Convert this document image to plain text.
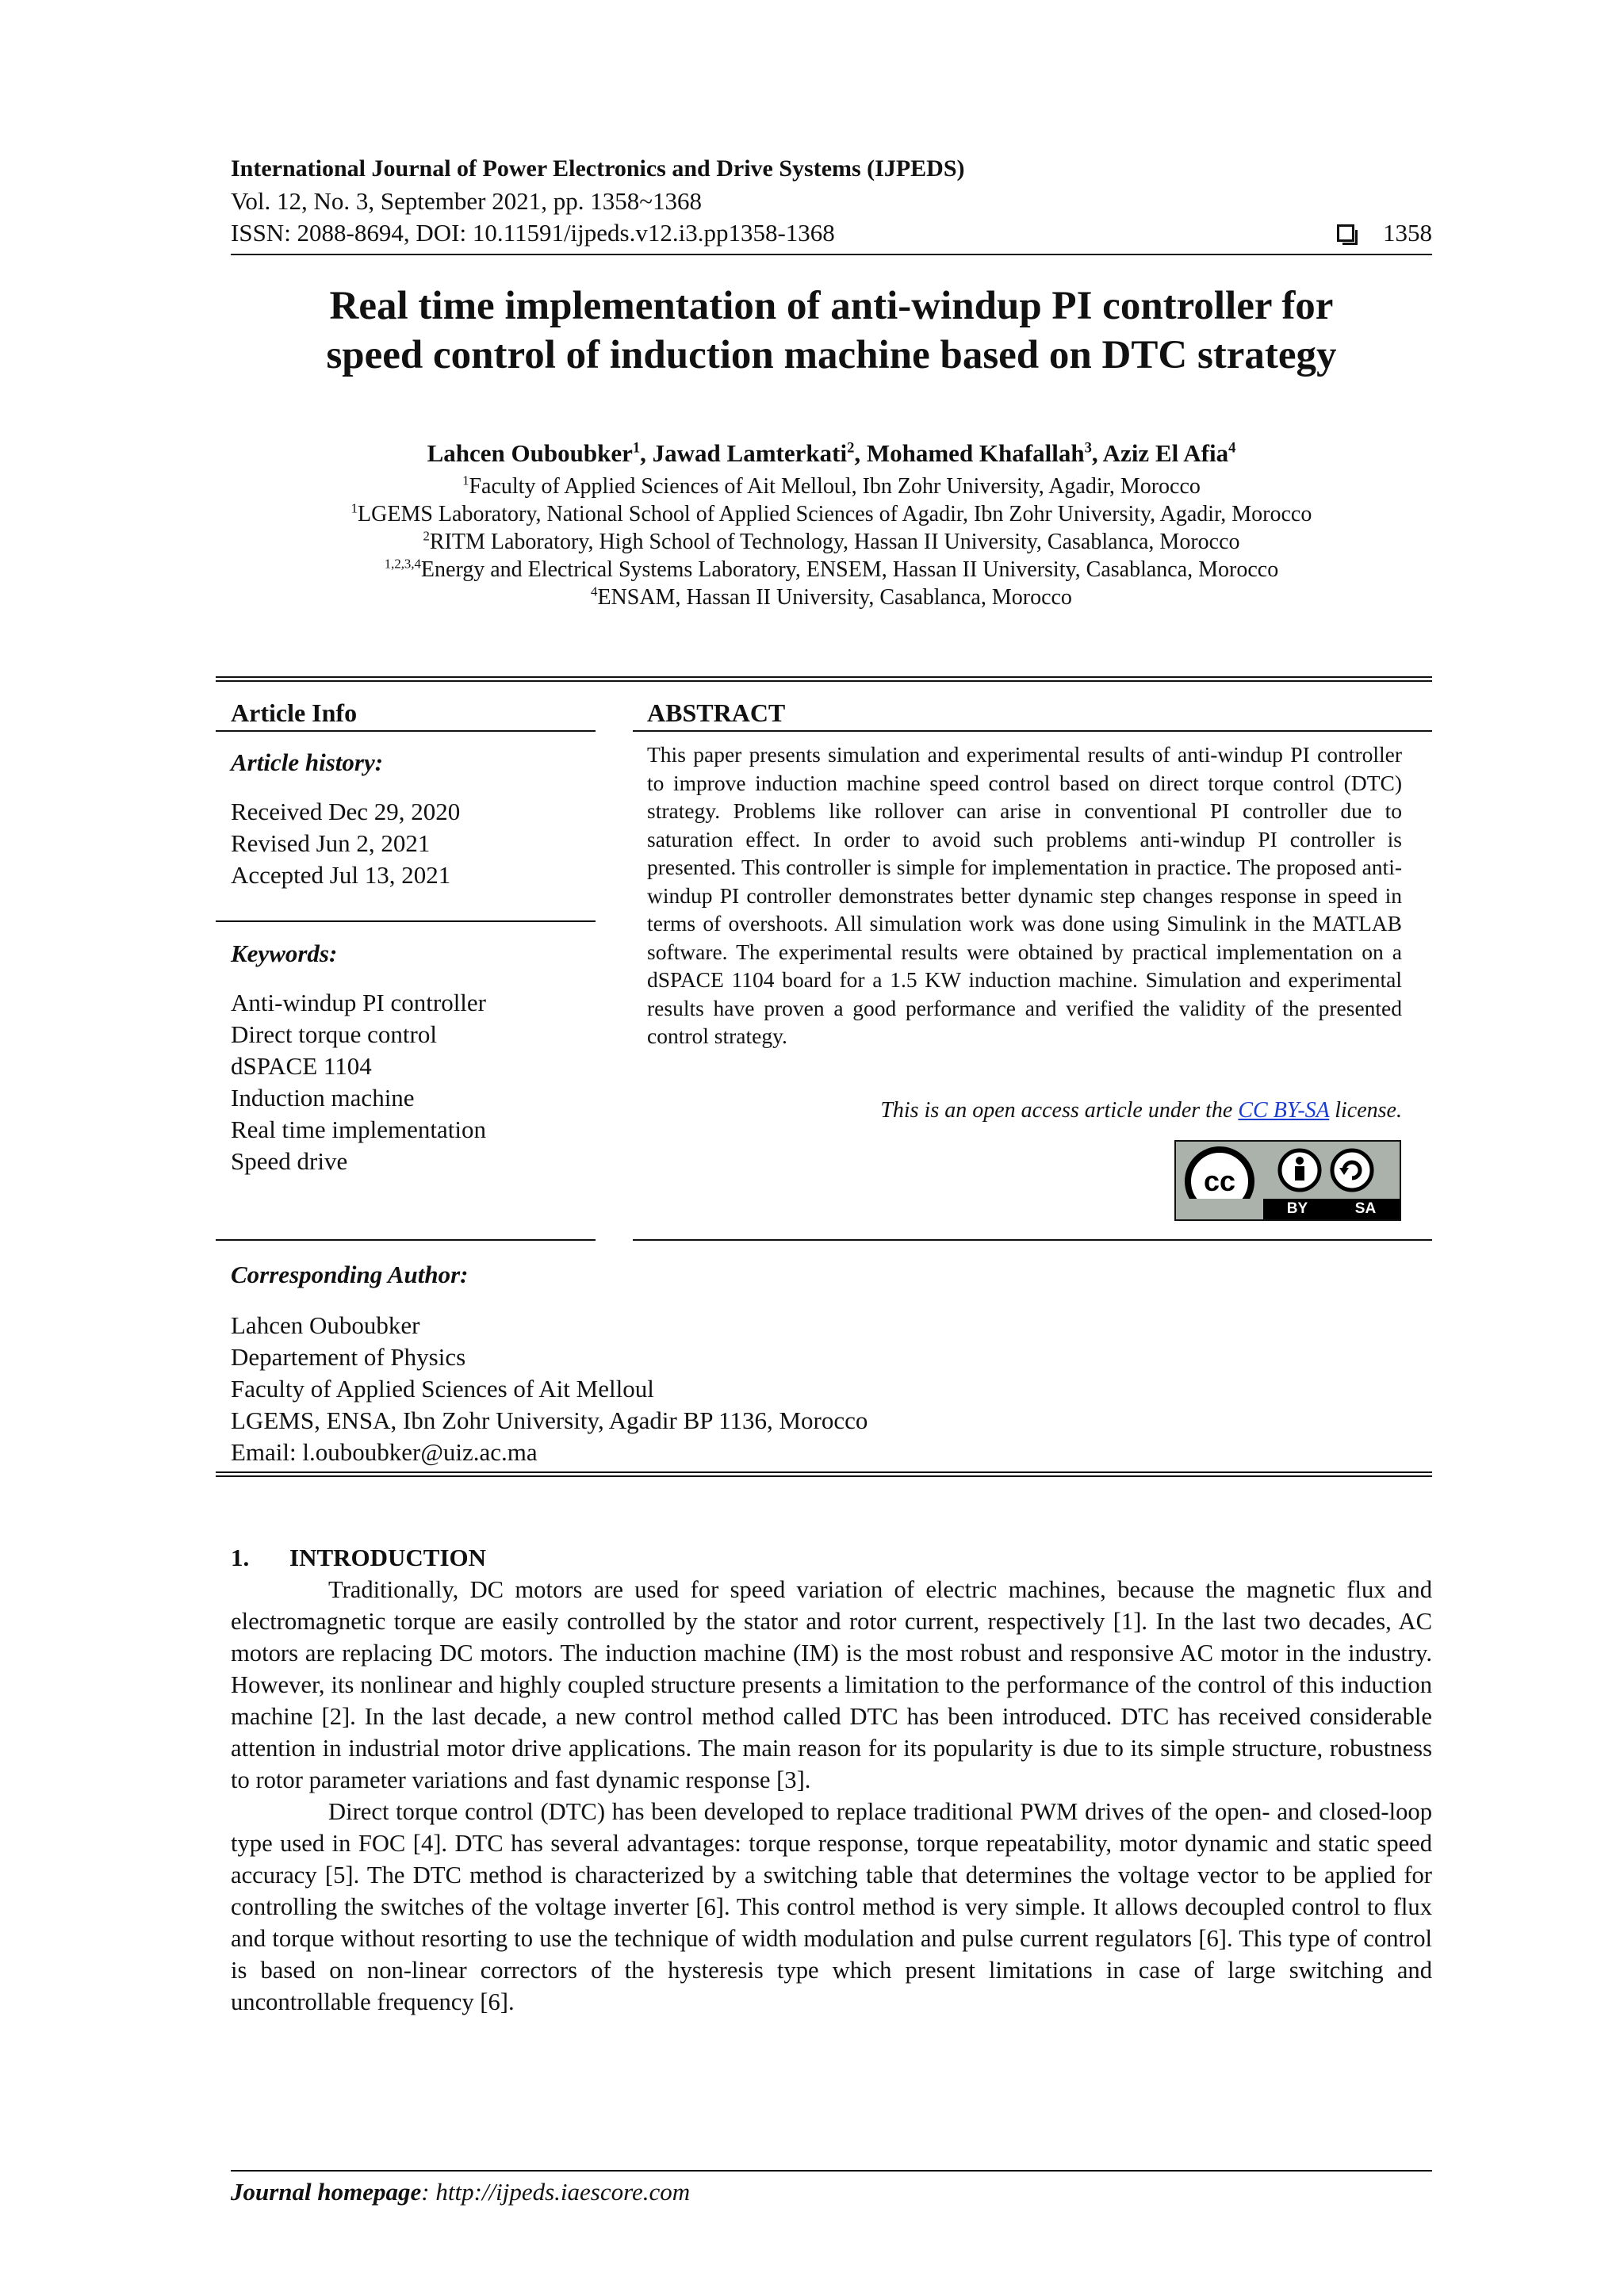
International Journal of Power Electronics and Drive Systems (IJPEDS)
Vol. 12, No. 3, September 2021, pp. 1358~1368
ISSN: 2088-8694, DOI: 10.11591/ijpeds.v12.i3.pp1358-1368	1358
Real time implementation of anti-windup PI controller for
speed control of induction machine based on DTC strategy
Lahcen Ouboubker$^1$, Jawad Lamterkati$^2$, Mohamed Khafallah$^3$, Aziz El Afia$^4$
$^1$Faculty of Applied Sciences of Ait Melloul, Ibn Zohr University, Agadir, Morocco
$^1$LGEMS Laboratory, National School of Applied Sciences of Agadir, Ibn Zohr University, Agadir, Morocco
$^2$RITM Laboratory, High School of Technology, Hassan II University, Casablanca, Morocco
$^{1,2,3,4}$Energy and Electrical Systems Laboratory, ENSEM, Hassan II University, Casablanca, Morocco
$^4$ENSAM, Hassan II University, Casablanca, Morocco
Article Info
Article history:
Received Dec 29, 2020
Revised Jun 2, 2021
Accepted Jul 13, 2021
Keywords:
Anti-windup PI controller
Direct torque control
dSPACE 1104
Induction machine
Real time implementation
Speed drive
ABSTRACT

This paper presents simulation and experimental results of anti-windup PI controller to improve induction machine speed control based on direct torque control (DTC) strategy. Problems like rollover can arise in conventional PI controller due to saturation effect. In order to avoid such problems anti-windup PI controller is presented. This controller is simple for implementation in practice. The proposed anti-windup PI controller demonstrates better dynamic step changes response in speed in terms of overshoots. All simulation work was done using Simulink in the MATLAB software. The experimental results were obtained by practical implementation on a dSPACE 1104 board for a 1.5 KW induction machine. Simulation and experimental results have proven a good performance and verified the validity of the presented control strategy.

This is an open access article under the CC BY-SA license.
cc
BY	SA
Corresponding Author:
Lahcen Ouboubker
Departement of Physics
Faculty of Applied Sciences of Ait Melloul
LGEMS, ENSA, Ibn Zohr University, Agadir BP 1136, Morocco
Email: l.ouboubker@uiz.ac.ma
1. INTRODUCTION

Traditionally, DC motors are used for speed variation of electric machines, because the magnetic flux and electromagnetic torque are easily controlled by the stator and rotor current, respectively [1]. In the last two decades, AC motors are replacing DC motors. The induction machine (IM) is the most robust and responsive AC motor in the industry. However, its nonlinear and highly coupled structure presents a limitation to the performance of the control of this induction machine [2]. In the last decade, a new control method called DTC has been introduced. DTC has received considerable attention in industrial motor drive applications. The main reason for its popularity is due to its simple structure, robustness to rotor parameter variations and fast dynamic response [3].

Direct torque control (DTC) has been developed to replace traditional PWM drives of the open- and closed-loop type used in FOC [4]. DTC has several advantages: torque response, torque repeatability, motor dynamic and static speed accuracy [5]. The DTC method is characterized by a switching table that determines the voltage vector to be applied for controlling the switches of the voltage inverter [6]. This control method is very simple. It allows decoupled control to flux and torque without resorting to use the technique of width modulation and pulse current regulators [6]. This type of control is based on non-linear correctors of the hysteresis type which present limitations in case of large switching and uncontrollable frequency [6].

Journal homepage: http://ijpeds.iaescore.com
